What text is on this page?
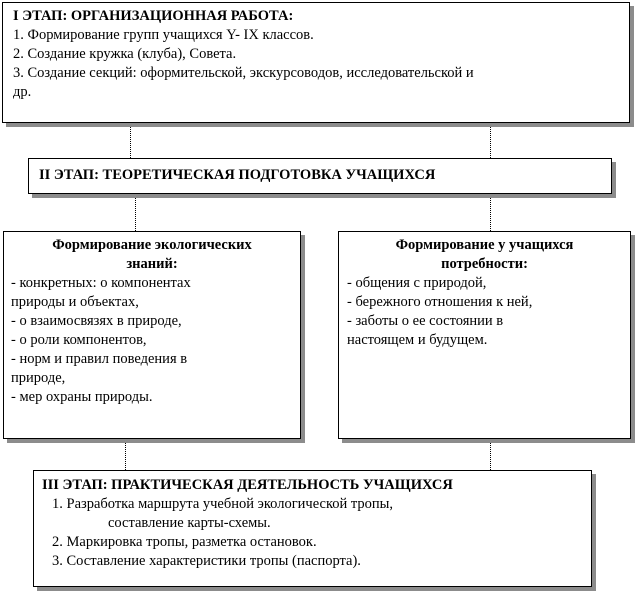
I ЭТАП: ОРГАНИЗАЦИОННАЯ РАБОТА:
1. Формирование групп учащихся Y- IX классов.
2. Создание кружка (клуба), Совета.
3. Создание секций: оформительской, экскурсоводов, исследовательской и
др.
II ЭТАП: ТЕОРЕТИЧЕСКАЯ ПОДГОТОВКА УЧАЩИХСЯ
Формирование экологических
знаний:
- конкретных: о компонентах
природы и объектах,
- о взаимосвязях в природе,
- о роли компонентов,
- норм и правил поведения в
природе,
- мер охраны природы.
Формирование у учащихся
потребности:
- общения с природой,
- бережного отношения к ней,
- заботы о ее состоянии в
настоящем и будущем.
III ЭТАП: ПРАКТИЧЕСКАЯ ДЕЯТЕЛЬНОСТЬ УЧАЩИХСЯ
1. Разработка маршрута учебной экологической тропы,
составление карты-схемы.
2. Маркировка тропы, разметка остановок.
3. Составление характеристики тропы (паспорта).
